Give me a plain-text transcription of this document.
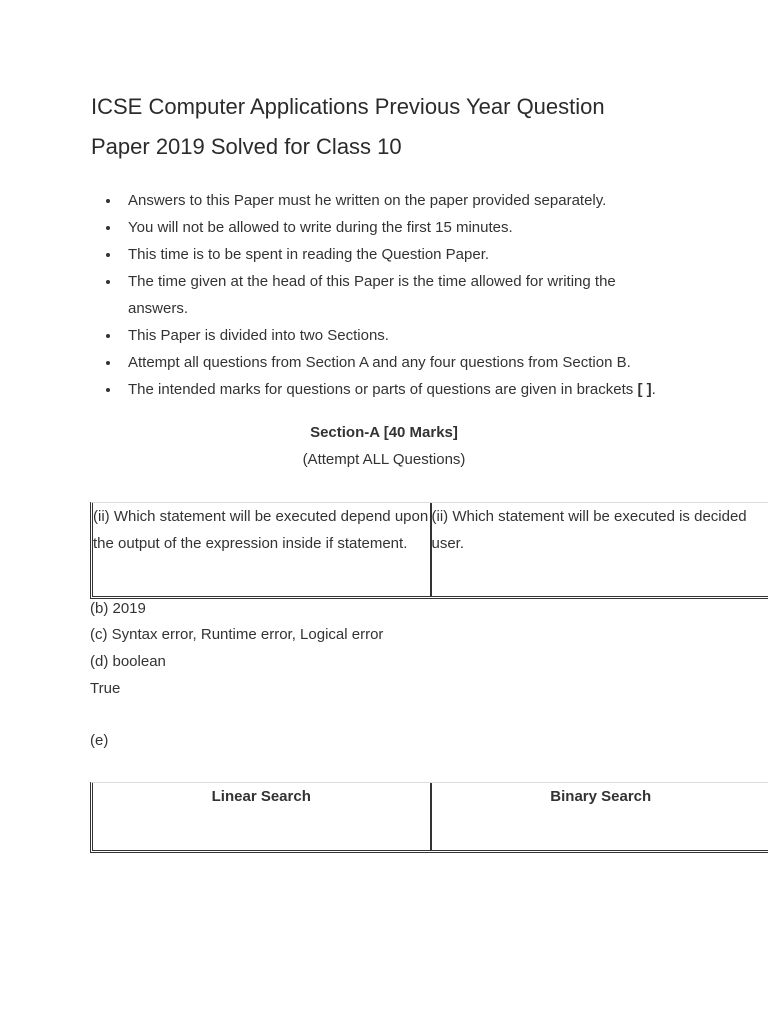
ICSE Computer Applications Previous Year Question Paper 2019 Solved for Class 10
Answers to this Paper must he written on the paper provided separately.
You will not be allowed to write during the first 15 minutes.
This time is to be spent in reading the Question Paper.
The time given at the head of this Paper is the time allowed for writing the answers.
This Paper is divided into two Sections.
Attempt all questions from Section A and any four questions from Section B.
The intended marks for questions or parts of questions are given in brackets [ ].
Section-A [40 Marks]
(Attempt ALL Questions)
(ii) Which statement will be executed depend upon the output of the expression inside if statement.	(ii) Which statement will be executed is decided user.

(b) 2019

(c) Syntax error, Runtime error, Logical error

(d) boolean

True

(e)

Linear Search	Binary Search
